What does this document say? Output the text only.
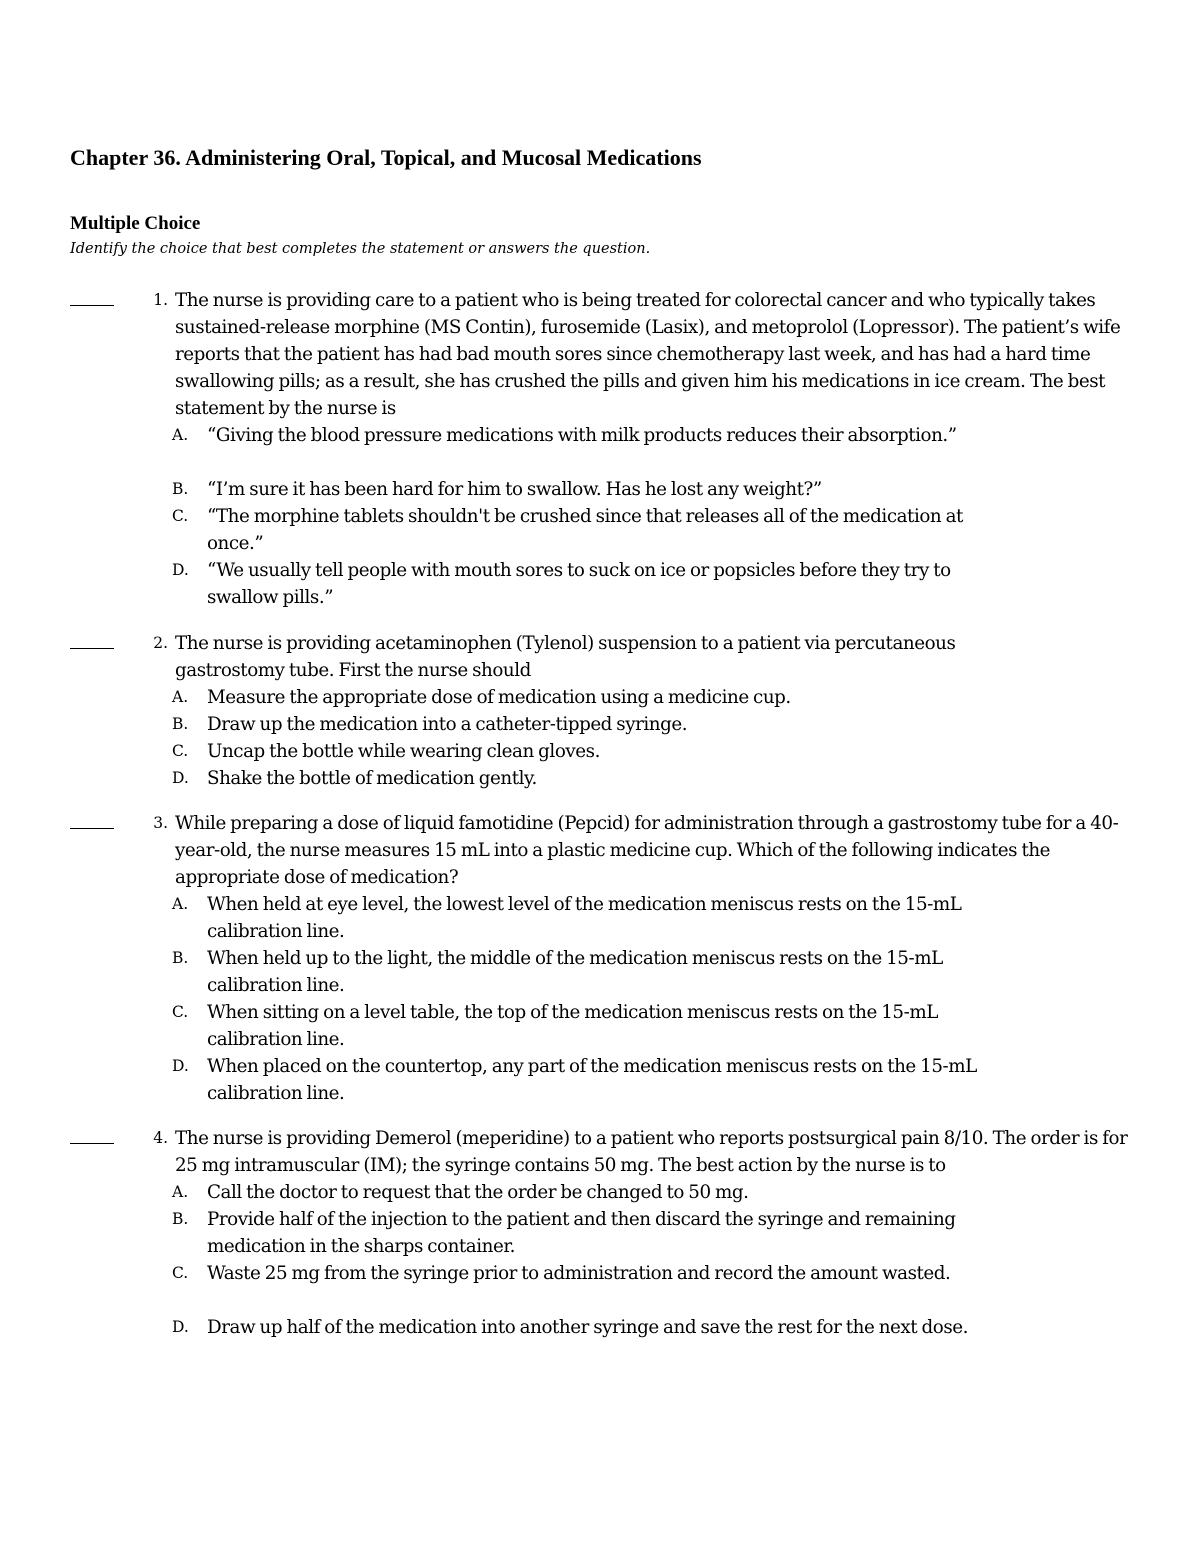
Chapter 36. Administering Oral, Topical, and Mucosal Medications
Multiple Choice

Identify the choice that best completes the statement or answers the question.

1. The nurse is providing care to a patient who is being treated for colorectal cancer and who typically takes sustained-release morphine (MS Contin), furosemide (Lasix), and metoprolol (Lopressor). The patient’s wife reports that the patient has had bad mouth sores since chemotherapy last week, and has had a hard time swallowing pills; as a result, she has crushed the pills and given him his medications in ice cream. The best statement by the nurse is

A.	“Giving the blood pressure medications with milk products reduces their absorption.”

B.	“I’m sure it has been hard for him to swallow. Has he lost any weight?”

C.	“The morphine tablets shouldn't be crushed since that releases all of the medication at once.”

D. “We usually tell people with mouth sores to suck on ice or popsicles before they try to swallow pills.”

2. The nurse is providing acetaminophen (Tylenol) suspension to a patient via percutaneous gastrostomy tube. First the nurse should

A.	Measure the appropriate dose of medication using a medicine cup.

B.	Draw up the medication into a catheter-tipped syringe.

C.	Uncap the bottle while wearing clean gloves.

D. Shake the bottle of medication gently.

3. While preparing a dose of liquid famotidine (Pepcid) for administration through a gastrostomy tube for a 40-year-old, the nurse measures 15 mL into a plastic medicine cup. Which of the following indicates the appropriate dose of medication?

A.	When held at eye level, the lowest level of the medication meniscus rests on the 15-mL calibration line.

B.	When held up to the light, the middle of the medication meniscus rests on the 15-mL calibration line.

C.	When sitting on a level table, the top of the medication meniscus rests on the 15-mL calibration line.

D. When placed on the countertop, any part of the medication meniscus rests on the 15-mL calibration line.

4. The nurse is providing Demerol (meperidine) to a patient who reports postsurgical pain 8/10. The order is for 25 mg intramuscular (IM); the syringe contains 50 mg. The best action by the nurse is to

A.	Call the doctor to request that the order be changed to 50 mg.

B.	Provide half of the injection to the patient and then discard the syringe and remaining medication in the sharps container.

C.	Waste 25 mg from the syringe prior to administration and record the amount wasted.

D. Draw up half of the medication into another syringe and save the rest for the next dose.
